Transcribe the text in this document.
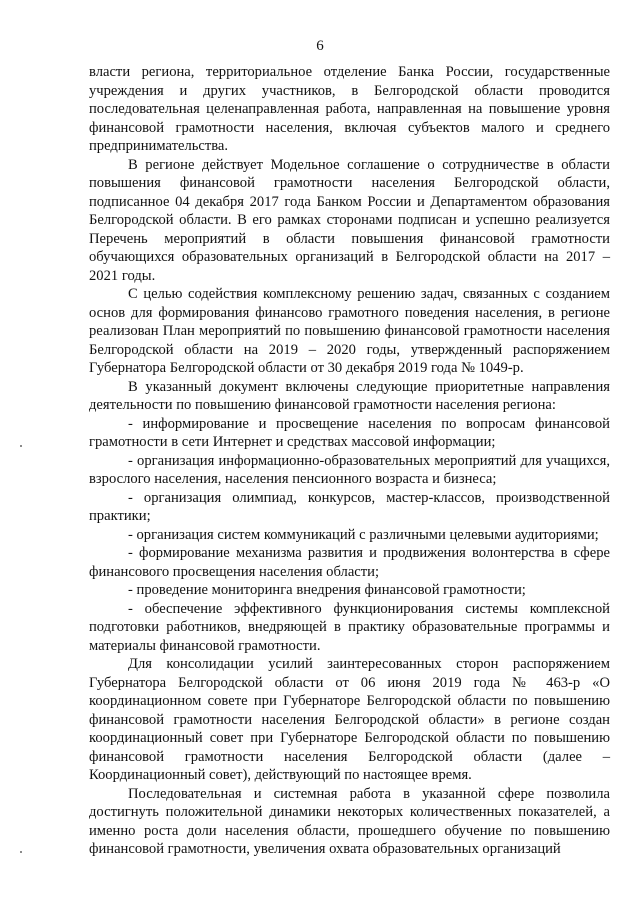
6

власти региона, территориальное отделение Банка России, государственные учреждения и других участников, в Белгородской области проводится последовательная целенаправленная работа, направленная на повышение уровня финансовой грамотности населения, включая субъектов малого и среднего предпринимательства.

В регионе действует Модельное соглашение о сотрудничестве в области повышения финансовой грамотности населения Белгородской области, подписанное 04 декабря 2017 года Банком России и Департаментом образования Белгородской области. В его рамках сторонами подписан и успешно реализуется Перечень мероприятий в области повышения финансовой грамотности обучающихся образовательных организаций в Белгородской области на 2017 – 2021 годы.

С целью содействия комплексному решению задач, связанных с созданием основ для формирования финансово грамотного поведения населения, в регионе реализован План мероприятий по повышению финансовой грамотности населения Белгородской области на 2019 – 2020 годы, утвержденный распоряжением Губернатора Белгородской области от 30 декабря 2019 года № 1049-р.

В указанный документ включены следующие приоритетные направления деятельности по повышению финансовой грамотности населения региона:

- информирование и просвещение населения по вопросам финансовой грамотности в сети Интернет и средствах массовой информации;

- организация информационно-образовательных мероприятий для учащихся, взрослого населения, населения пенсионного возраста и бизнеса;

- организация олимпиад, конкурсов, мастер-классов, производственной практики;

- организация систем коммуникаций с различными целевыми аудиториями;

- формирование механизма развития и продвижения волонтерства в сфере финансового просвещения населения области;

- проведение мониторинга внедрения финансовой грамотности;

- обеспечение эффективного функционирования системы комплексной подготовки работников, внедряющей в практику образовательные программы и материалы финансовой грамотности.

Для консолидации усилий заинтересованных сторон распоряжением Губернатора Белгородской области от 06 июня 2019 года № 463-р «О координационном совете при Губернаторе Белгородской области по повышению финансовой грамотности населения Белгородской области» в регионе создан координационный совет при Губернаторе Белгородской области по повышению финансовой грамотности населения Белгородской области (далее – Координационный совет), действующий по настоящее время.

Последовательная и системная работа в указанной сфере позволила достигнуть положительной динамики некоторых количественных показателей, а именно роста доли населения области, прошедшего обучение по повышению финансовой грамотности, увеличения охвата образовательных организаций
